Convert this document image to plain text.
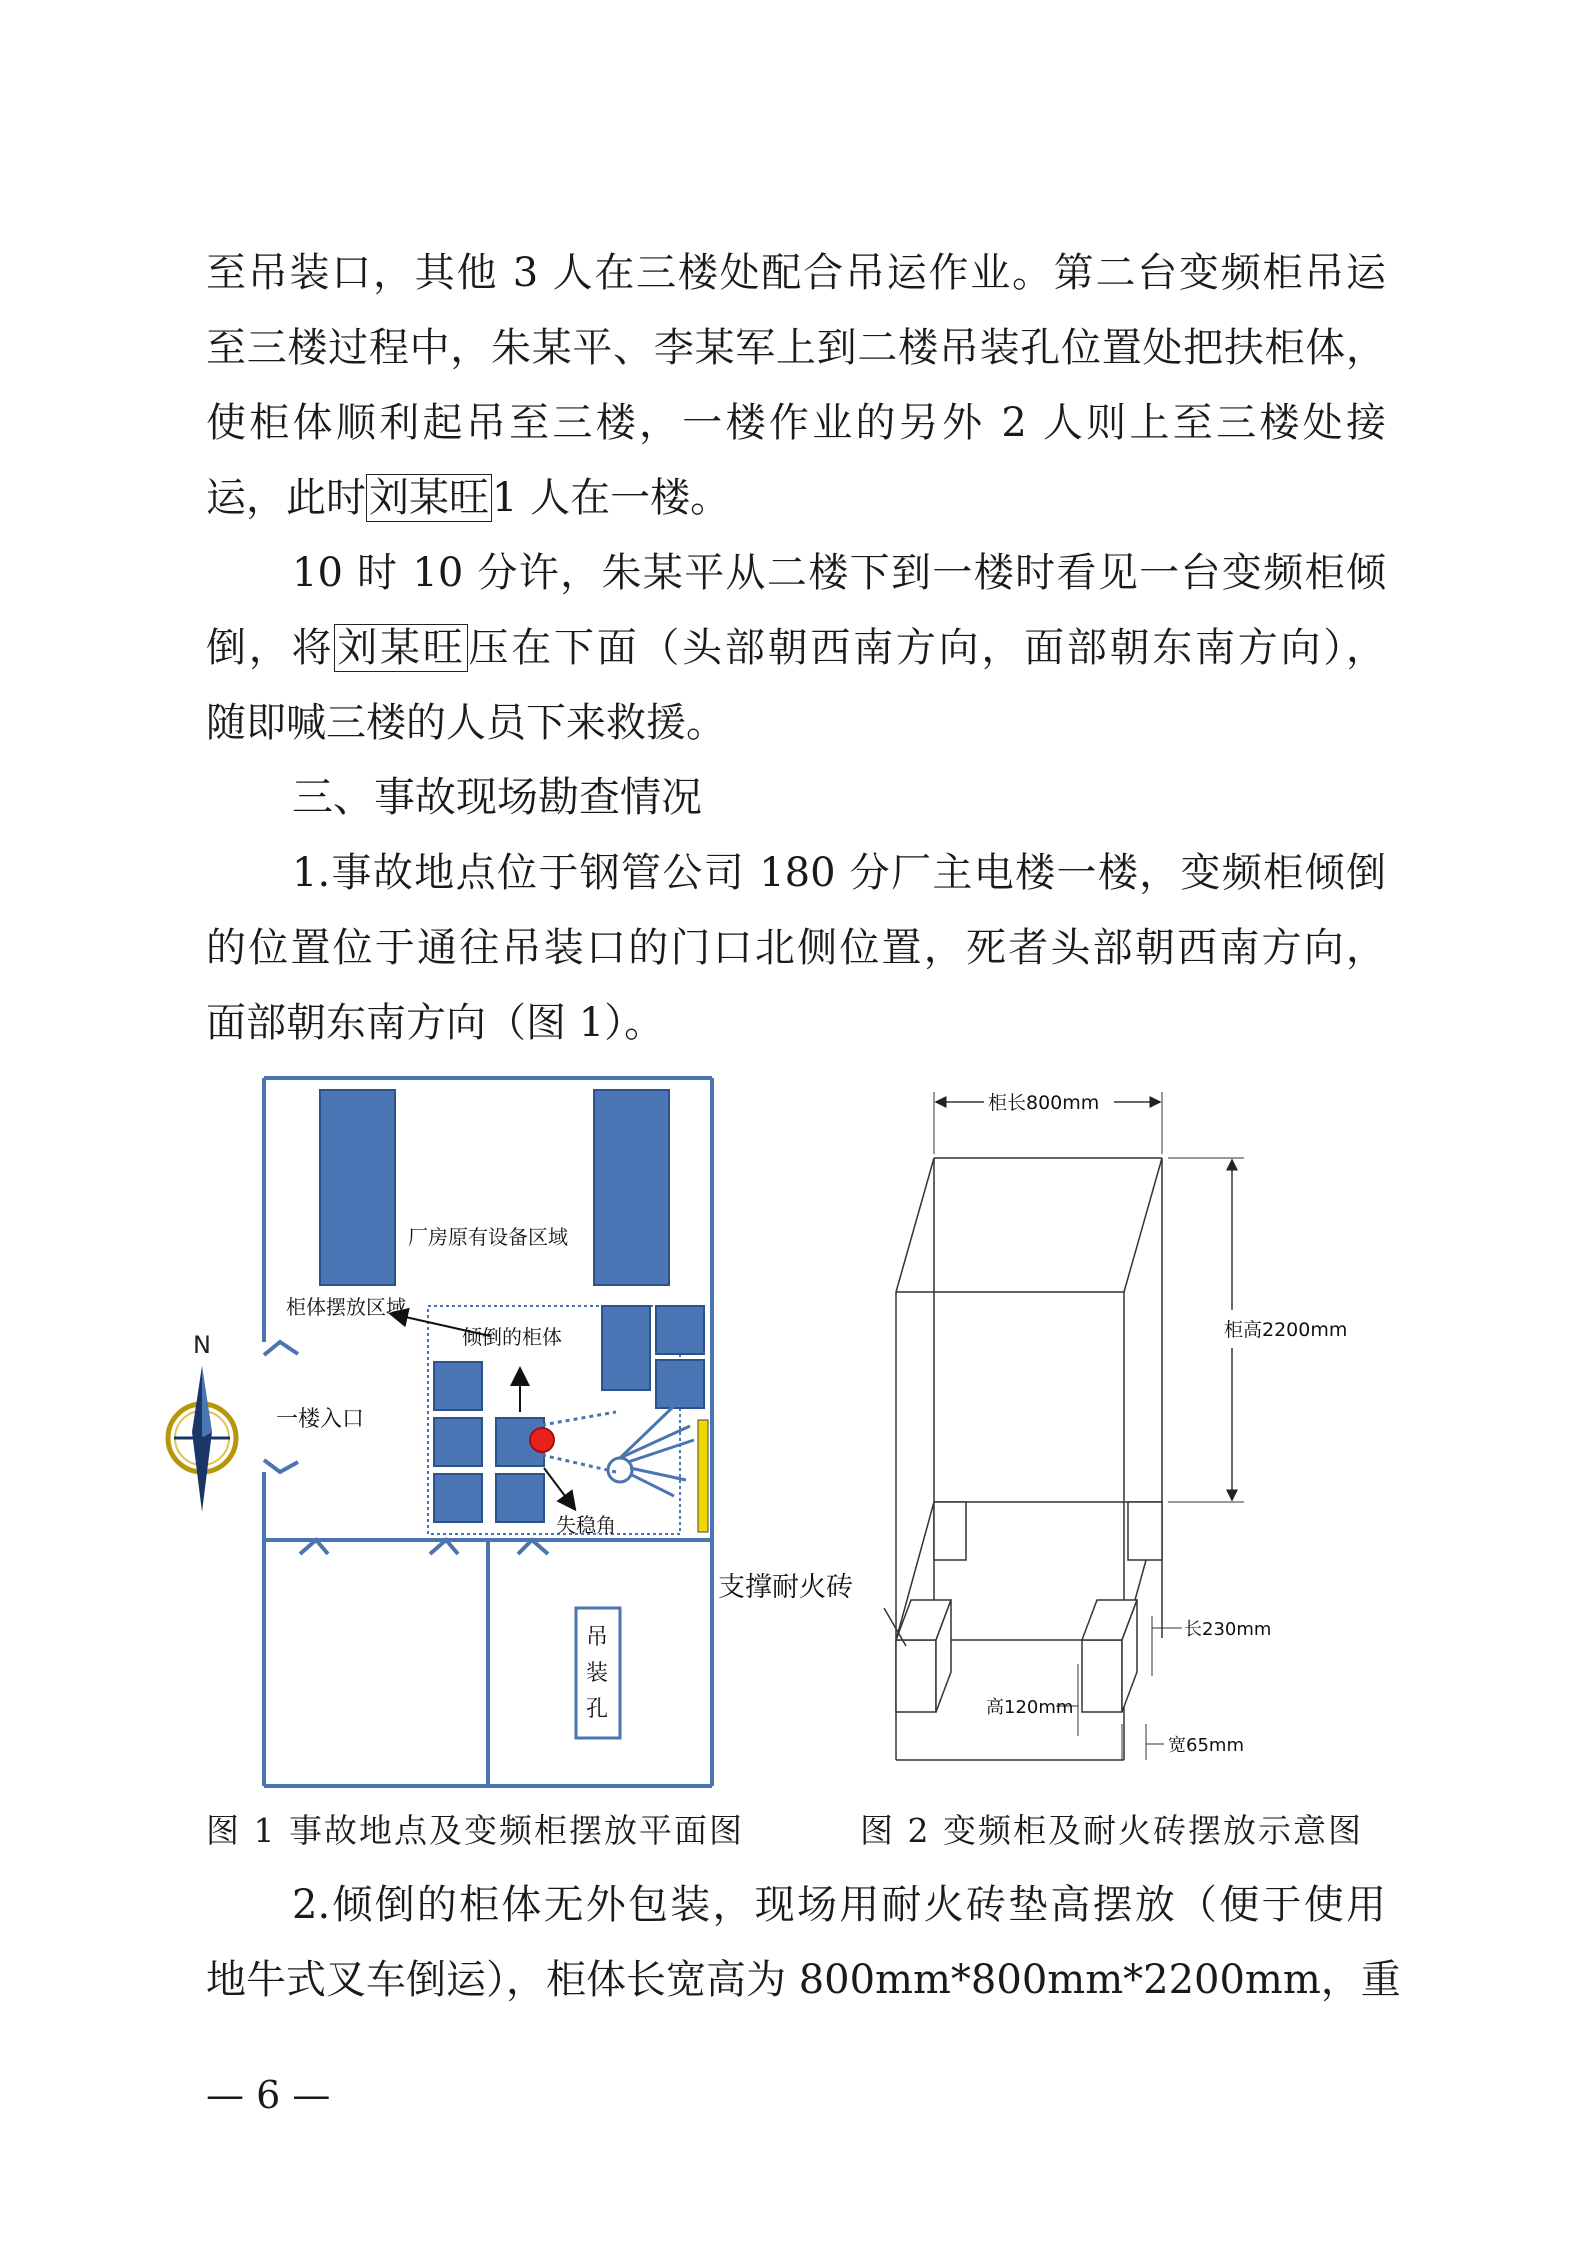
至吊装口，其他 3 人在三楼处配合吊运作业。第二台变频柜吊运
至三楼过程中，朱某平、李某军上到二楼吊装孔位置处把扶柜体，
使柜体顺利起吊至三楼，一楼作业的另外 2 人则上至三楼处接
运，此时刘某旺1 人在一楼。
10 时 10 分许，朱某平从二楼下到一楼时看见一台变频柜倾
倒，将刘某旺压在下面（头部朝西南方向，面部朝东南方向），
随即喊三楼的人员下来救援。
三、事故现场勘查情况
1.事故地点位于钢管公司 180 分厂主电楼一楼，变频柜倾倒
的位置位于通往吊装口的门口北侧位置，死者头部朝西南方向，
面部朝东南方向（图 1）。
厂房原有设备区域
柜体摆放区域
倾倒的柜体
一楼入口
失稳角
吊
装
孔
N
柜长800mm
柜高2200mm
支撑耐火砖
长230mm
高120mm
宽65mm
图 1 事故地点及变频柜摆放平面图	图 2 变频柜及耐火砖摆放示意图
2.倾倒的柜体无外包装，现场用耐火砖垫高摆放（便于使用
地牛式叉车倒运），柜体长宽高为 800mm*800mm*2200mm，重
— 6 —
